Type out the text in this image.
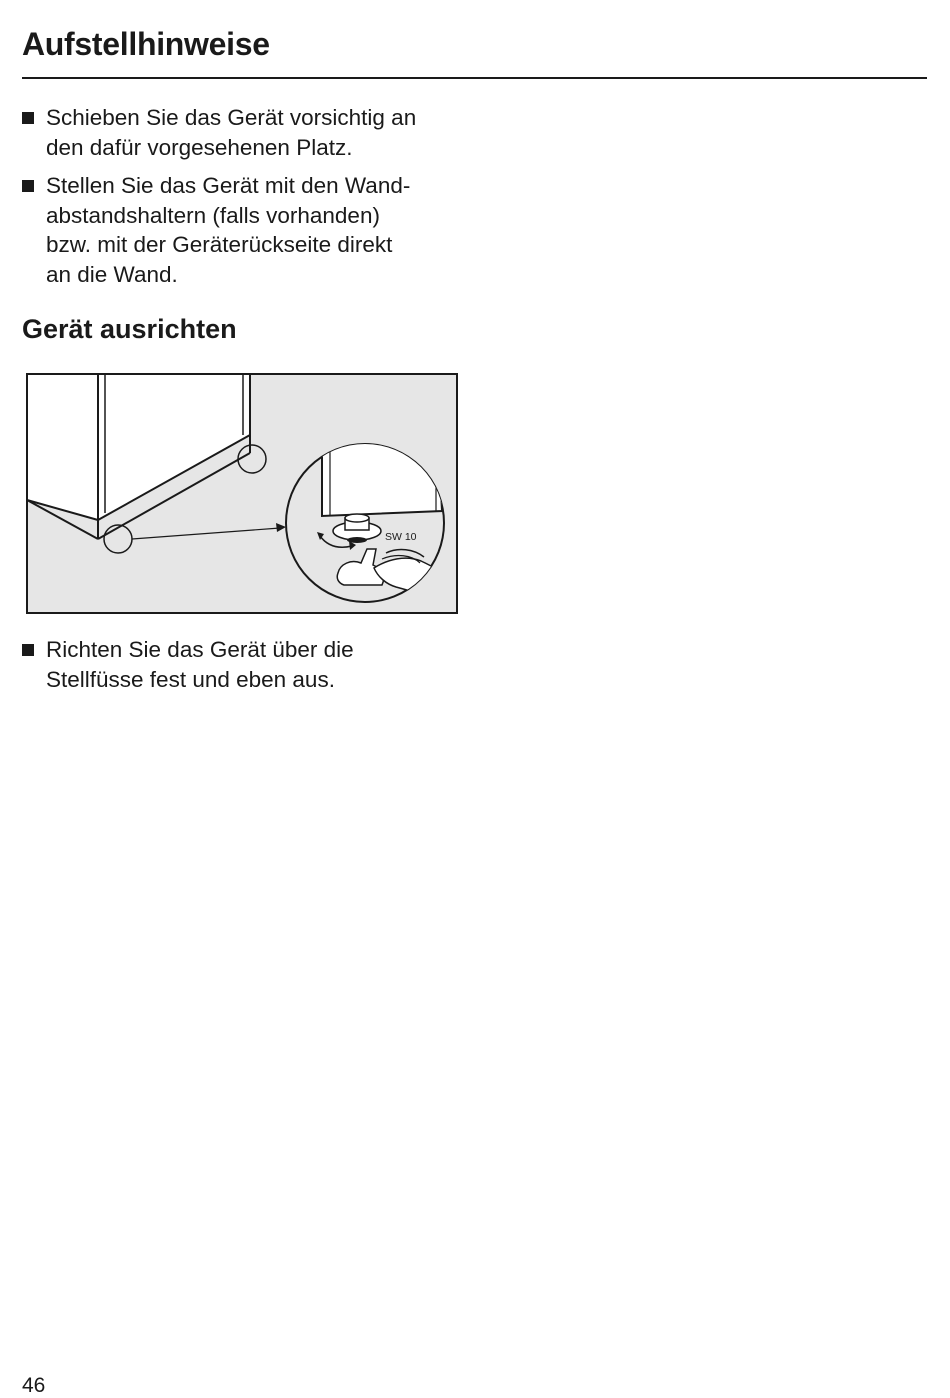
Aufstellhinweise
Schieben Sie das Gerät vorsichtig an
den dafür vorgesehenen Platz.
Stellen Sie das Gerät mit den Wand-
abstandshaltern (falls vorhanden)
bzw. mit der Geräterückseite direkt
an die Wand.
Gerät ausrichten
SW 10
Richten Sie das Gerät über die
Stellfüsse fest und eben aus.
46
